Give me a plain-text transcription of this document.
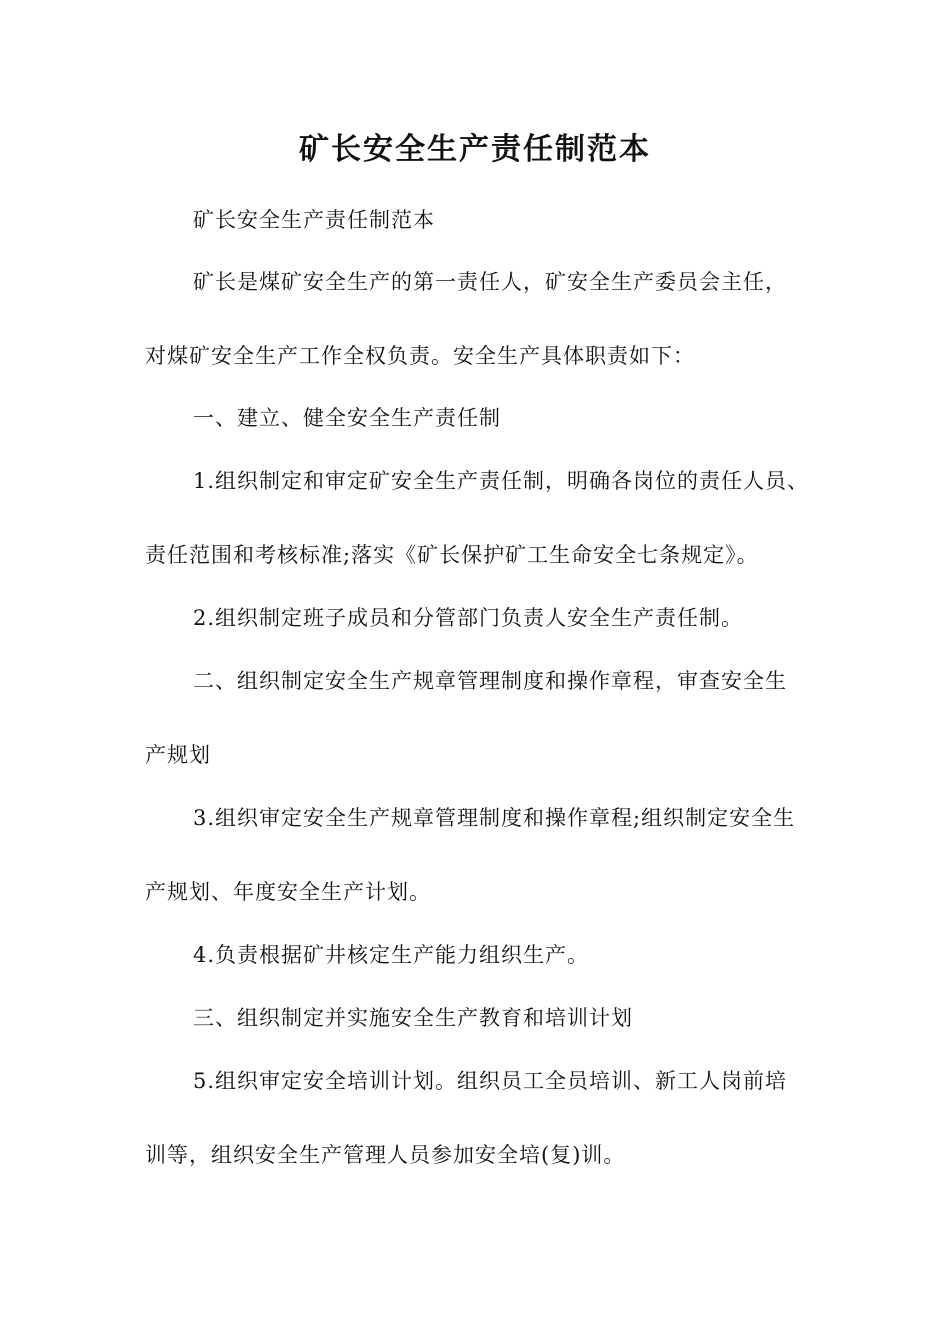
矿长安全生产责任制范本
矿长安全生产责任制范本
矿长是煤矿安全生产的第一责任人，矿安全生产委员会主任，
对煤矿安全生产工作全权负责。安全生产具体职责如下：
一、建立、健全安全生产责任制
1.组织制定和审定矿安全生产责任制，明确各岗位的责任人员、
责任范围和考核标准;落实《矿长保护矿工生命安全七条规定》。
2.组织制定班子成员和分管部门负责人安全生产责任制。
二、组织制定安全生产规章管理制度和操作章程，审查安全生
产规划
3.组织审定安全生产规章管理制度和操作章程;组织制定安全生
产规划、年度安全生产计划。
4.负责根据矿井核定生产能力组织生产。
三、组织制定并实施安全生产教育和培训计划
5.组织审定安全培训计划。组织员工全员培训、新工人岗前培
训等，组织安全生产管理人员参加安全培(复)训。
